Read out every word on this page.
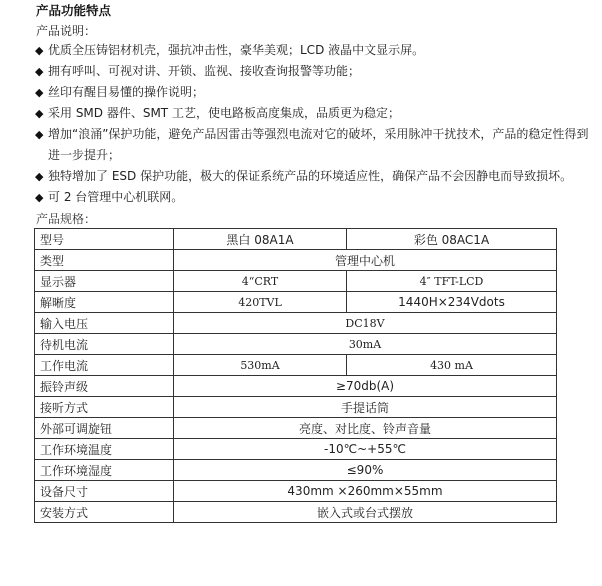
产品功能特点
产品说明：
◆ 优质全压铸铝材机壳，强抗冲击性，豪华美观；LCD 液晶中文显示屏。
◆ 拥有呼叫、可视对讲、开锁、监视、接收查询报警等功能；
◆ 丝印有醒目易懂的操作说明；
◆ 采用 SMD 器件、SMT 工艺，使电路板高度集成，品质更为稳定；
◆ 增加“浪涌”保护功能，避免产品因雷击等强烈电流对它的破坏，采用脉冲干扰技术，产品的稳定性得到进一步提升；
◆ 独特增加了 ESD 保护功能，极大的保证系统产品的环境适应性，确保产品不会因静电而导致损坏。
◆ 可 2 台管理中心机联网。
产品规格：
型号	黑白 08A1A	彩色 08AC1A
类型	管理中心机	
显示器	4“CRT	4″ TFT-LCD
解晰度	420TVL	1440H×234Vdots
输入电压	DC18V	
待机电流	30mA	
工作电流	530mA	430 mA
振铃声级	≥70db(A)	
接听方式	手提话筒	
外部可调旋钮	亮度、对比度、铃声音量	
工作环境温度	-10℃~+55℃	
工作环境湿度	≤90%	
设备尺寸	430mm ×260mm×55mm	
安装方式	嵌入式或台式摆放	
